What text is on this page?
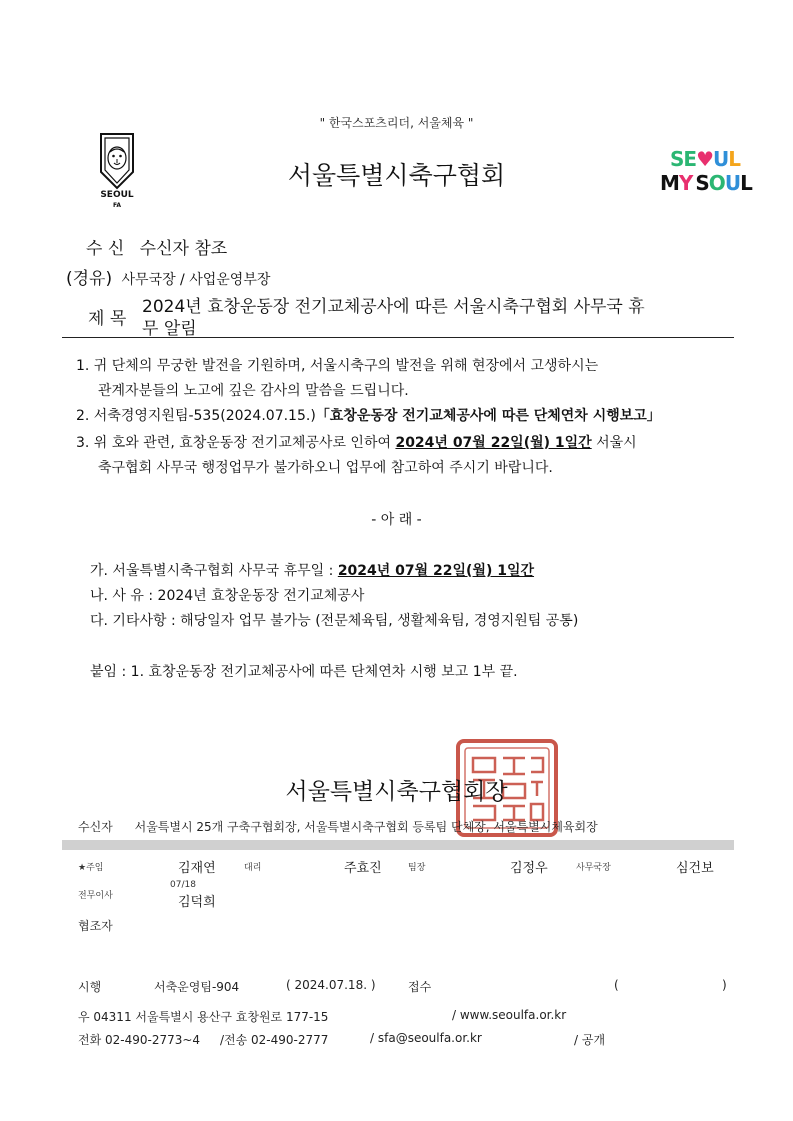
" 한국스포츠리더, 서울체육 "
SEOUL
FA
서울특별시축구협회
SE♥UL
MY SOUL
수 신 수신자 참조
(경유) 사무국장 / 사업운영부장
제 목
2024년 효창운동장 전기교체공사에 따른 서울시축구협회 사무국 휴
무 알림
1. 귀 단체의 무궁한 발전을 기원하며, 서울시축구의 발전을 위해 현장에서 고생하시는
관계자분들의 노고에 깊은 감사의 말씀을 드립니다.
2. 서축경영지원팀-535(2024.07.15.)「효창운동장 전기교체공사에 따른 단체연차 시행보고」
3. 위 호와 관련, 효창운동장 전기교체공사로 인하여 2024년 07월 22일(월) 1일간 서울시
축구협회 사무국 행정업무가 불가하오니 업무에 참고하여 주시기 바랍니다.
- 아 래 -
가. 서울특별시축구협회 사무국 휴무일 : 2024년 07월 22일(월) 1일간
나. 사 유 : 2024년 효창운동장 전기교체공사
다. 기타사항 : 해당일자 업무 불가능 (전문체육팀, 생활체육팀, 경영지원팀 공통)
붙임 : 1. 효창운동장 전기교체공사에 따른 단체연차 시행 보고 1부 끝.
서울특별시축구협회장
수신자 서울특별시 25개 구축구협회장, 서울특별시축구협회 등록팀 단체장, 서울특별시체육회장
★주임	김재연	대리	주효진	팀장	김정우	사무국장	심건보
전무이사
07/18
김덕희
협조자
시행	서축운영팀-904	( 2024.07.18. )	접수	(	)
우 04311 서울특별시 용산구 효창원로 177-15	/ www.seoulfa.or.kr
전화 02-490-2773~4 /전송 02-490-2777	/ sfa@seoulfa.or.kr	/ 공개
